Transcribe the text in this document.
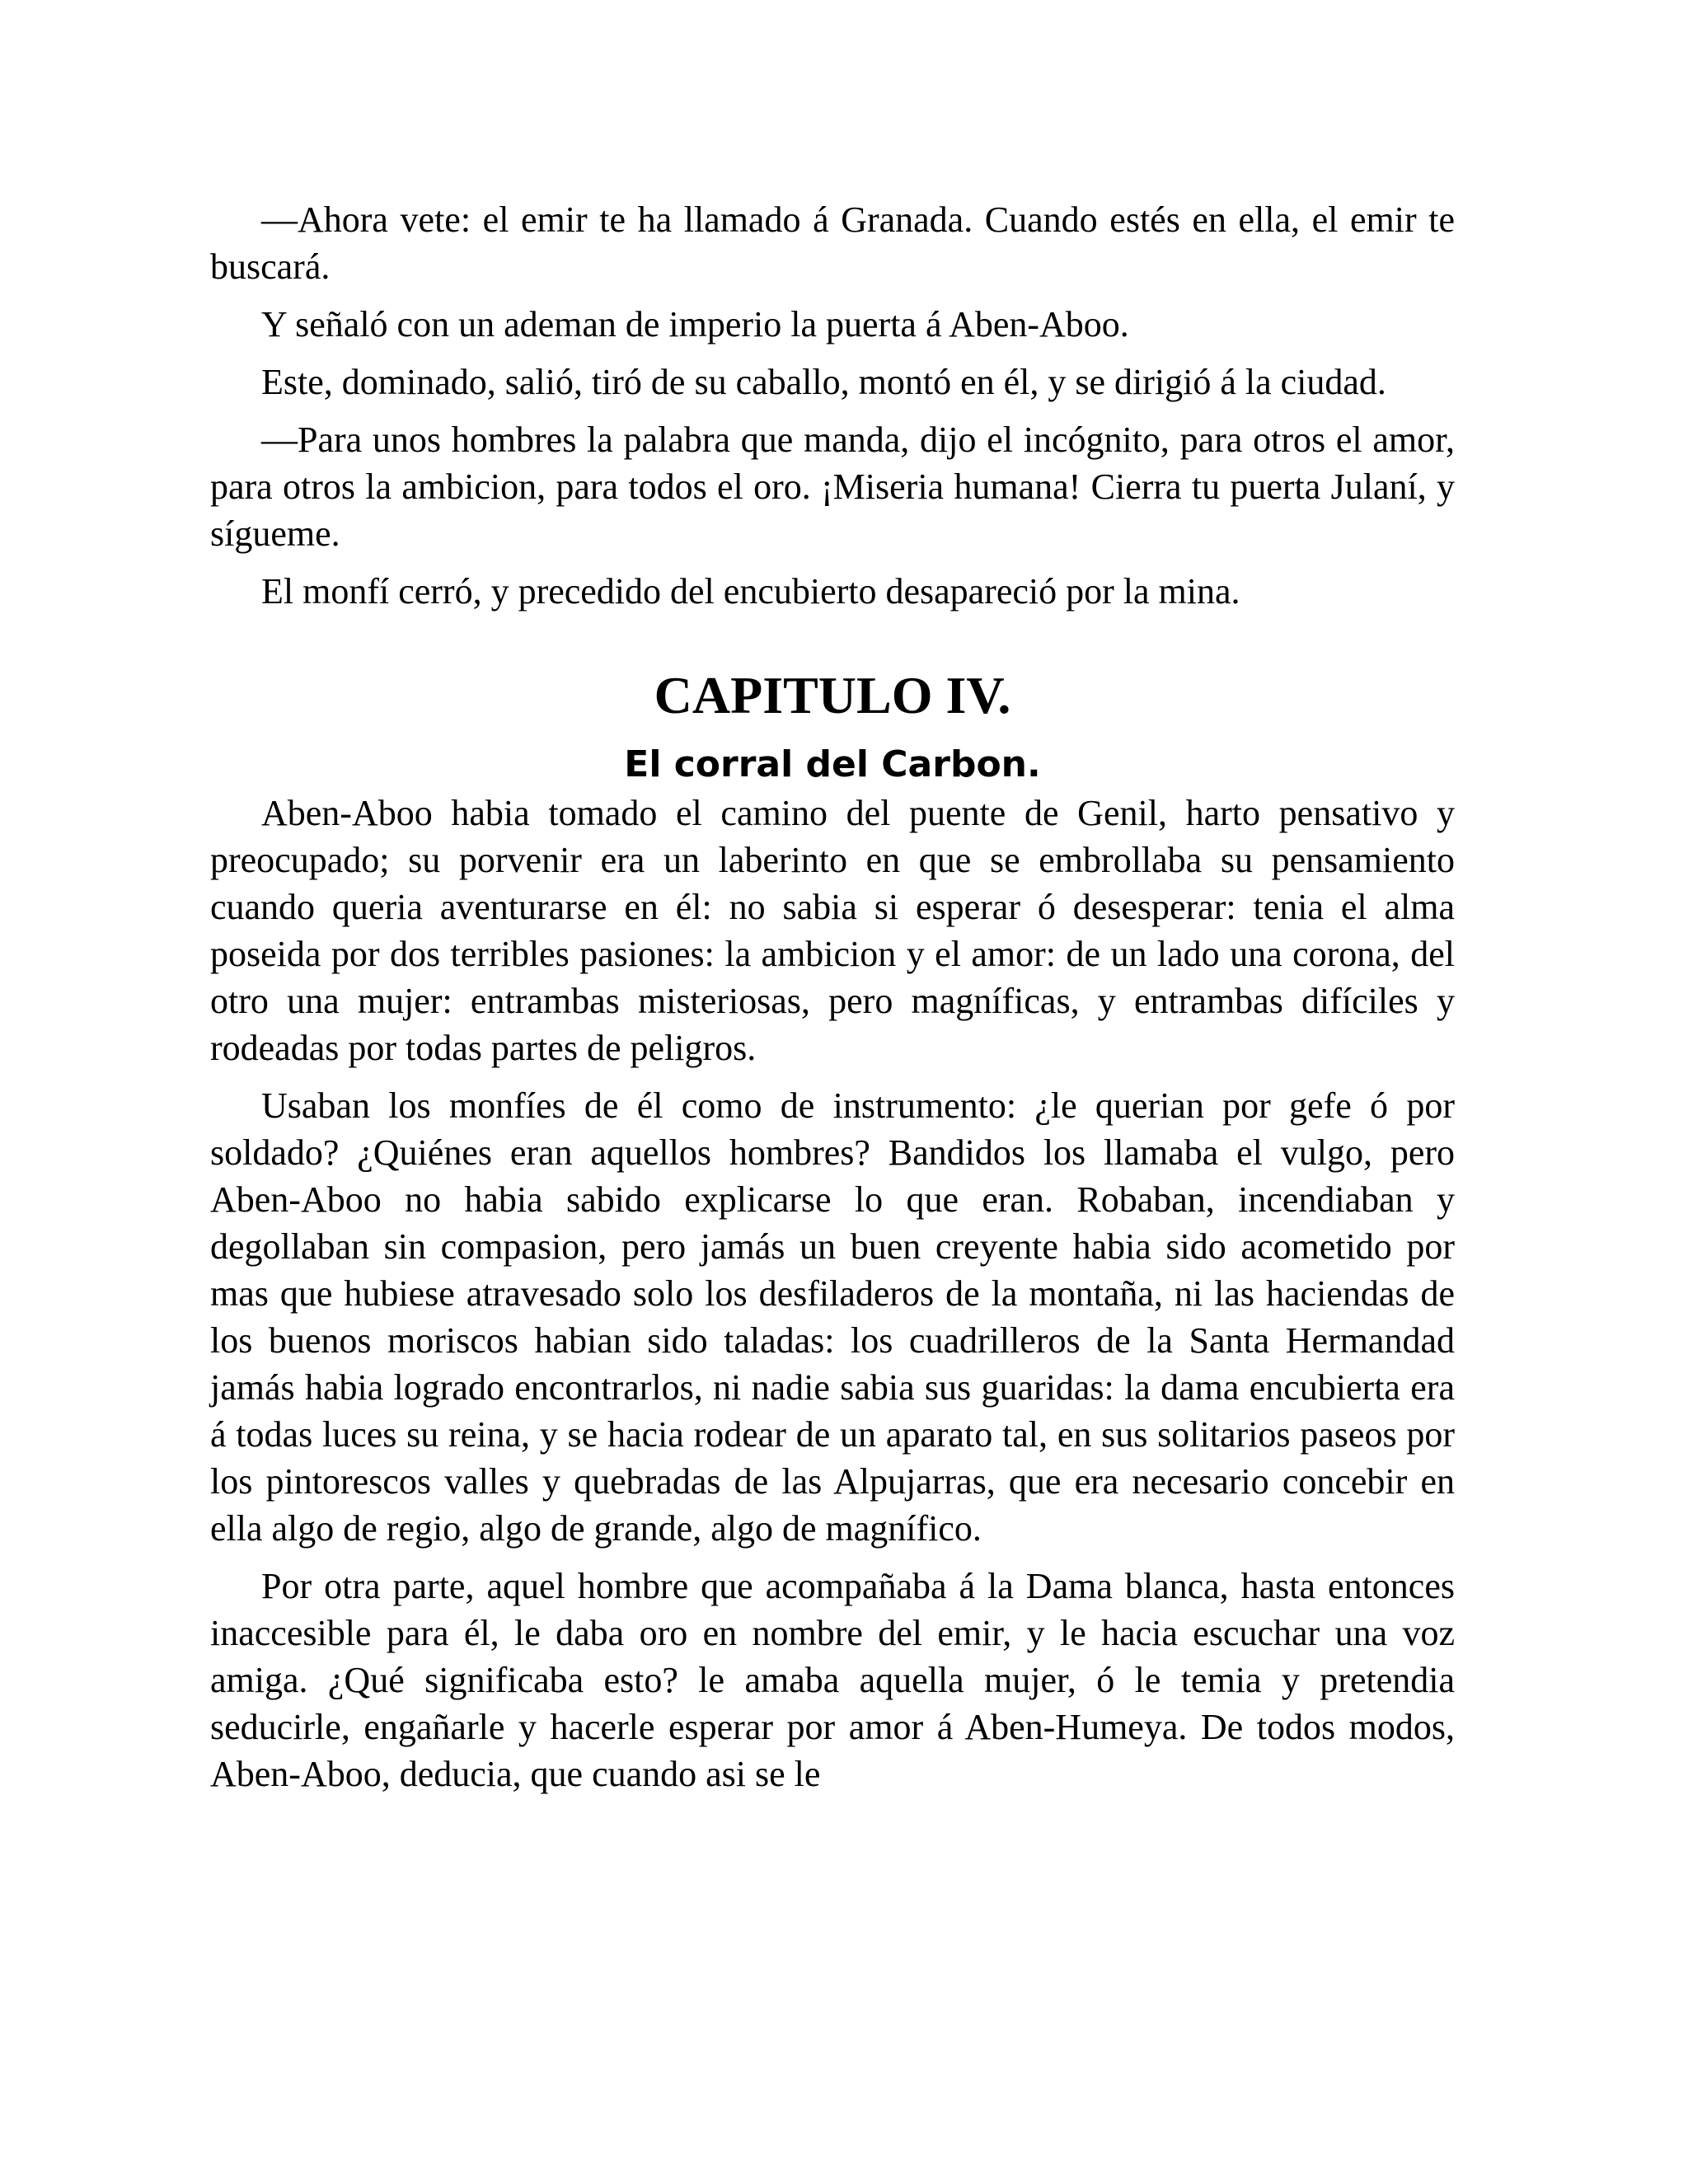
—Ahora vete: el emir te ha llamado á Granada. Cuando estés en ella, el emir te buscará.

Y señaló con un ademan de imperio la puerta á Aben-Aboo.

Este, dominado, salió, tiró de su caballo, montó en él, y se dirigió á la ciudad.

—Para unos hombres la palabra que manda, dijo el incógnito, para otros el amor, para otros la ambicion, para todos el oro. ¡Miseria humana! Cierra tu puerta Julaní, y sígueme.

El monfí cerró, y precedido del encubierto desapareció por la mina.

CAPITULO IV.
El corral del Carbon.

Aben-Aboo habia tomado el camino del puente de Genil, harto pensativo y preocupado; su porvenir era un laberinto en que se embrollaba su pensamiento cuando queria aventurarse en él: no sabia si esperar ó desesperar: tenia el alma poseida por dos terribles pasiones: la ambicion y el amor: de un lado una corona, del otro una mujer: entrambas misteriosas, pero magníficas, y entrambas difíciles y rodeadas por todas partes de peligros.

Usaban los monfíes de él como de instrumento: ¿le querian por gefe ó por soldado? ¿Quiénes eran aquellos hombres? Bandidos los llamaba el vulgo, pero Aben-Aboo no habia sabido explicarse lo que eran. Robaban, incendiaban y degollaban sin compasion, pero jamás un buen creyente habia sido acometido por mas que hubiese atravesado solo los desfiladeros de la montaña, ni las haciendas de los buenos moriscos habian sido taladas: los cuadrilleros de la Santa Hermandad jamás habia logrado encontrarlos, ni nadie sabia sus guaridas: la dama encubierta era á todas luces su reina, y se hacia rodear de un aparato tal, en sus solitarios paseos por los pintorescos valles y quebradas de las Alpujarras, que era necesario concebir en ella algo de regio, algo de grande, algo de magnífico.

Por otra parte, aquel hombre que acompañaba á la Dama blanca, hasta entonces inaccesible para él, le daba oro en nombre del emir, y le hacia escuchar una voz amiga. ¿Qué significaba esto? le amaba aquella mujer, ó le temia y pretendia seducirle, engañarle y hacerle esperar por amor á Aben-Humeya. De todos modos, Aben-Aboo, deducia, que cuando asi se le
